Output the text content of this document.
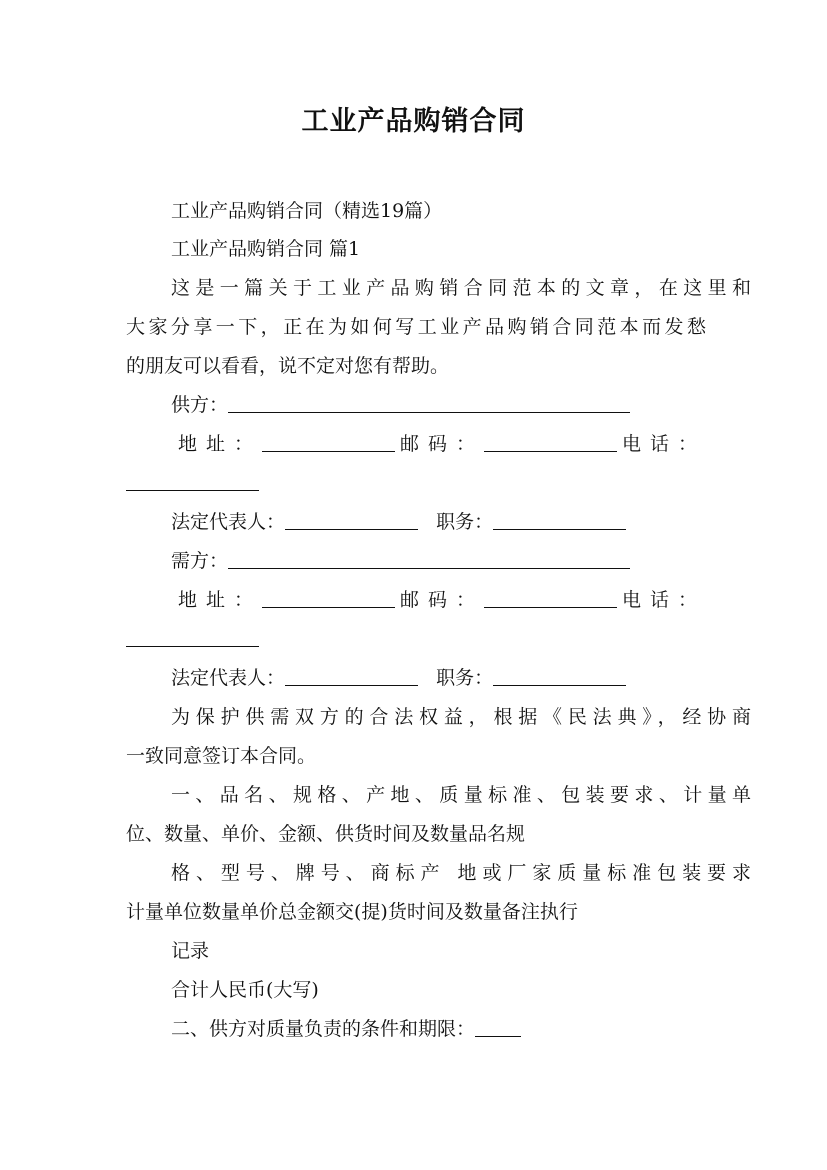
工业产品购销合同
工业产品购销合同（精选19篇）
工业产品购销合同 篇1
这是一篇关于工业产品购销合同范本的文章，在这里和
大家分享一下，正在为如何写工业产品购销合同范本而发愁
的朋友可以看看，说不定对您有帮助。
供方：
地址：	邮码：	电话：
法定代表人：	职务：
需方：
地址：	邮码：	电话：
法定代表人：	职务：
为保护供需双方的合法权益，根据《民法典》，经协商
一致同意签订本合同。
一、品名、规格、产地、质量标准、包装要求、计量单
位、数量、单价、金额、供货时间及数量品名规
格、型号、牌号、商标产 地或厂家质量标准包装要求
计量单位数量单价总金额交(提)货时间及数量备注执行
记录
合计人民币(大写)
二、供方对质量负责的条件和期限：
